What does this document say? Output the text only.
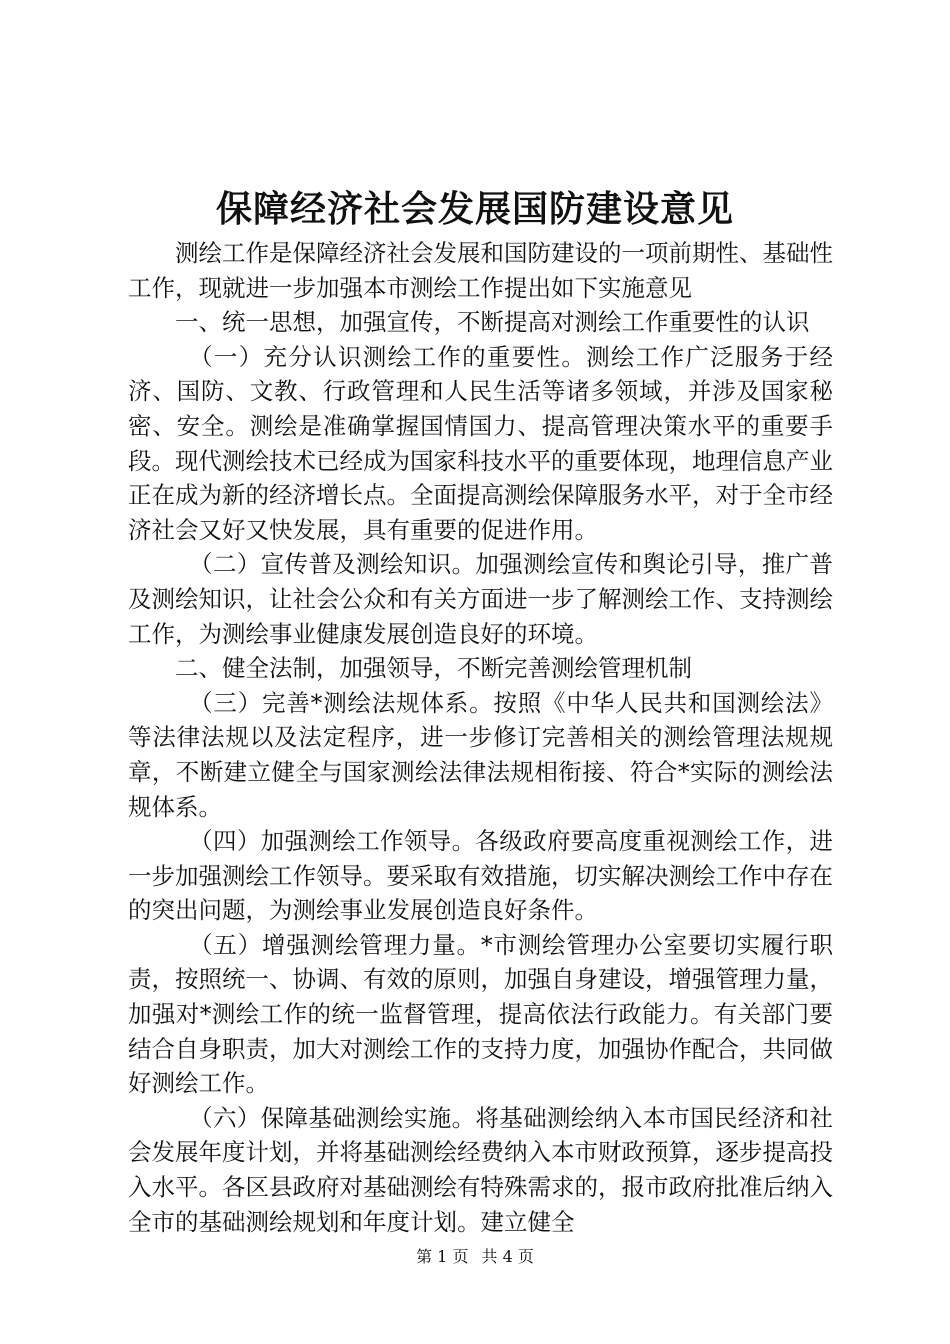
保障经济社会发展国防建设意见

测绘工作是保障经济社会发展和国防建设的一项前期性、基础性工作，现就进一步加强本市测绘工作提出如下实施意见

一、统一思想，加强宣传，不断提高对测绘工作重要性的认识

（一）充分认识测绘工作的重要性。测绘工作广泛服务于经济、国防、文教、行政管理和人民生活等诸多领域，并涉及国家秘密、安全。测绘是准确掌握国情国力、提高管理决策水平的重要手段。现代测绘技术已经成为国家科技水平的重要体现，地理信息产业正在成为新的经济增长点。全面提高测绘保障服务水平，对于全市经济社会又好又快发展，具有重要的促进作用。

（二）宣传普及测绘知识。加强测绘宣传和舆论引导，推广普及测绘知识，让社会公众和有关方面进一步了解测绘工作、支持测绘工作，为测绘事业健康发展创造良好的环境。

二、健全法制，加强领导，不断完善测绘管理机制

（三）完善*测绘法规体系。按照《中华人民共和国测绘法》等法律法规以及法定程序，进一步修订完善相关的测绘管理法规规章，不断建立健全与国家测绘法律法规相衔接、符合*实际的测绘法规体系。

（四）加强测绘工作领导。各级政府要高度重视测绘工作，进一步加强测绘工作领导。要采取有效措施，切实解决测绘工作中存在的突出问题，为测绘事业发展创造良好条件。

（五）增强测绘管理力量。*市测绘管理办公室要切实履行职责，按照统一、协调、有效的原则，加强自身建设，增强管理力量，加强对*测绘工作的统一监督管理，提高依法行政能力。有关部门要结合自身职责，加大对测绘工作的支持力度，加强协作配合，共同做好测绘工作。

（六）保障基础测绘实施。将基础测绘纳入本市国民经济和社会发展年度计划，并将基础测绘经费纳入本市财政预算，逐步提高投入水平。各区县政府对基础测绘有特殊需求的，报市政府批准后纳入全市的基础测绘规划和年度计划。建立健全

第 1 页 共 4 页
